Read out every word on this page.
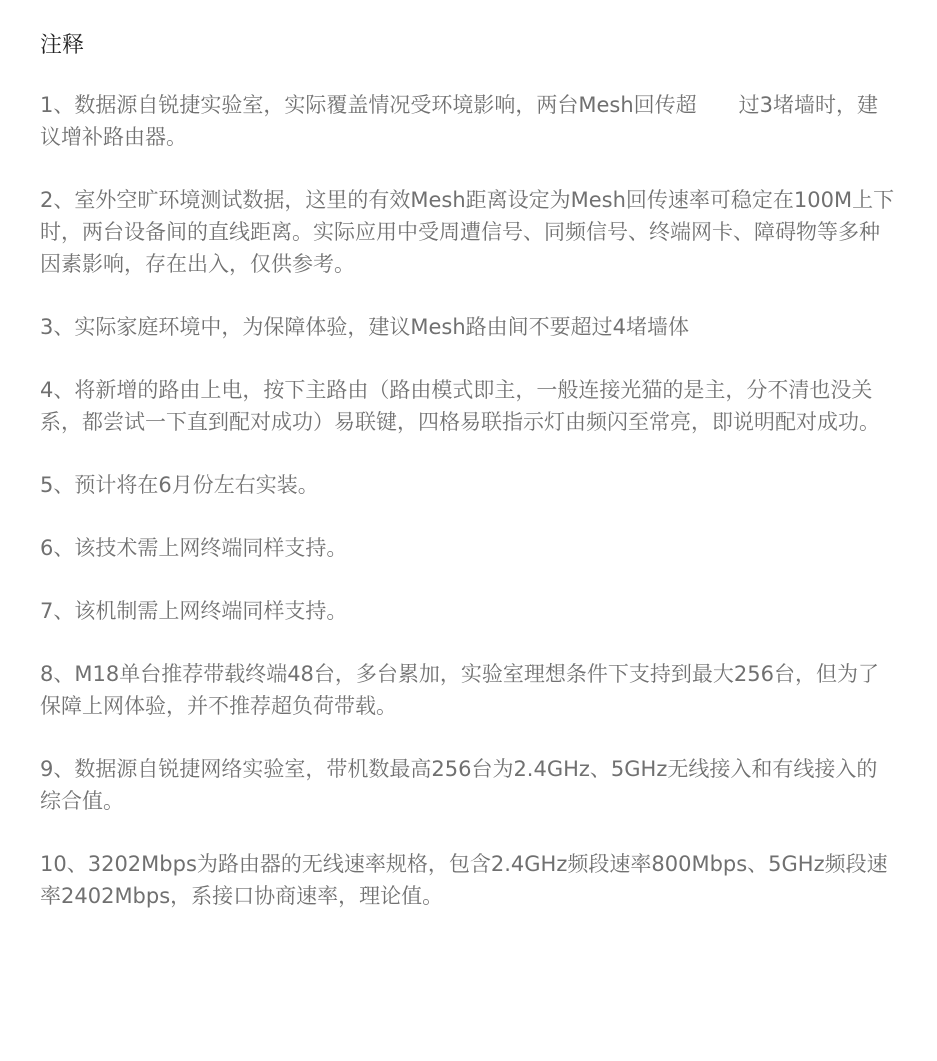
注释
1、数据源自锐捷实验室，实际覆盖情况受环境影响，两台Mesh回传超　　过3堵墙时，建议增补路由器。
2、室外空旷环境测试数据，这里的有效Mesh距离设定为Mesh回传速率可稳定在100M上下时，两台设备间的直线距离。实际应用中受周遭信号、同频信号、终端网卡、障碍物等多种因素影响，存在出入，仅供参考。
3、实际家庭环境中，为保障体验，建议Mesh路由间不要超过4堵墙体
4、将新增的路由上电，按下主路由（路由模式即主，一般连接光猫的是主，分不清也没关系，都尝试一下直到配对成功）易联键，四格易联指示灯由频闪至常亮，即说明配对成功。
5、预计将在6月份左右实装。
6、该技术需上网终端同样支持。
7、该机制需上网终端同样支持。
8、M18单台推荐带载终端48台，多台累加，实验室理想条件下支持到最大256台，但为了保障上网体验，并不推荐超负荷带载。
9、数据源自锐捷网络实验室，带机数最高256台为2.4GHz、5GHz无线接入和有线接入的综合值。
10、3202Mbps为路由器的无线速率规格，包含2.4GHz频段速率800Mbps、5GHz频段速率2402Mbps，系接口协商速率，理论值。
